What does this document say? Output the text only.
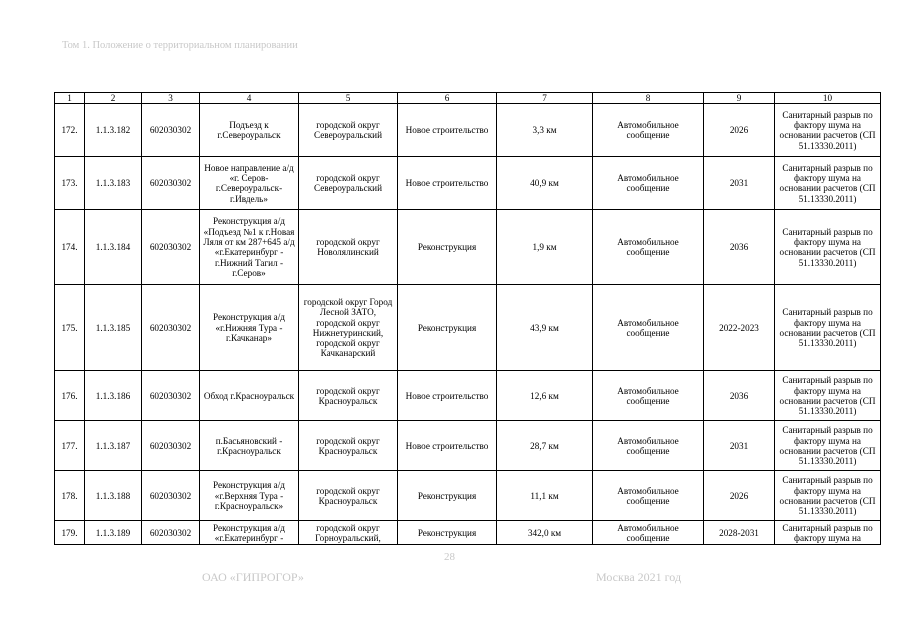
Том 1. Положение о территориальном планировании
1	2	3	4	5	6	7	8	9	10
172.	1.1.3.182	602030302	Подъезд к г.Североуральск	городской округ Североуральский	Новое строительство	3,3 км	Автомобильное сообщение	2026	Санитарный разрыв по фактору шума на основании расчетов (СП 51.13330.2011)
173.	1.1.3.183	602030302	Новое направление а/д «г. Серов-г.Североуральск-г.Ивдель»	городской округ Североуральский	Новое строительство	40,9 км	Автомобильное сообщение	2031	Санитарный разрыв по фактору шума на основании расчетов (СП 51.13330.2011)
174.	1.1.3.184	602030302	Реконструкция а/д «Подъезд №1 к г.Новая Ляля от км 287+645 а/д «г.Екатеринбург - г.Нижний Тагил - г.Серов»	городской округ Новолялинский	Реконструкция	1,9 км	Автомобильное сообщение	2036	Санитарный разрыв по фактору шума на основании расчетов (СП 51.13330.2011)
175.	1.1.3.185	602030302	Реконструкция а/д «г.Нижняя Тура - г.Качканар»	городской округ Город Лесной ЗАТО, городской округ Нижнетуринский, городской округ Качканарский	Реконструкция	43,9 км	Автомобильное сообщение	2022-2023	Санитарный разрыв по фактору шума на основании расчетов (СП 51.13330.2011)
176.	1.1.3.186	602030302	Обход г.Красноуральск	городской округ Красноуральск	Новое строительство	12,6 км	Автомобильное сообщение	2036	Санитарный разрыв по фактору шума на основании расчетов (СП 51.13330.2011)
177.	1.1.3.187	602030302	п.Басьяновский - г.Красноуральск	городской округ Красноуральск	Новое строительство	28,7 км	Автомобильное сообщение	2031	Санитарный разрыв по фактору шума на основании расчетов (СП 51.13330.2011)
178.	1.1.3.188	602030302	Реконструкция а/д «г.Верхняя Тура - г.Красноуральск»	городской округ Красноуральск	Реконструкция	11,1 км	Автомобильное сообщение	2026	Санитарный разрыв по фактору шума на основании расчетов (СП 51.13330.2011)
179.	1.1.3.189	602030302	Реконструкция а/д «г.Екатеринбург -	городской округ Горноуральский,	Реконструкция	342,0 км	Автомобильное сообщение	2028-2031	Санитарный разрыв по фактору шума на
28
ОАО «ГИПРОГОР»	Москва 2021 год
